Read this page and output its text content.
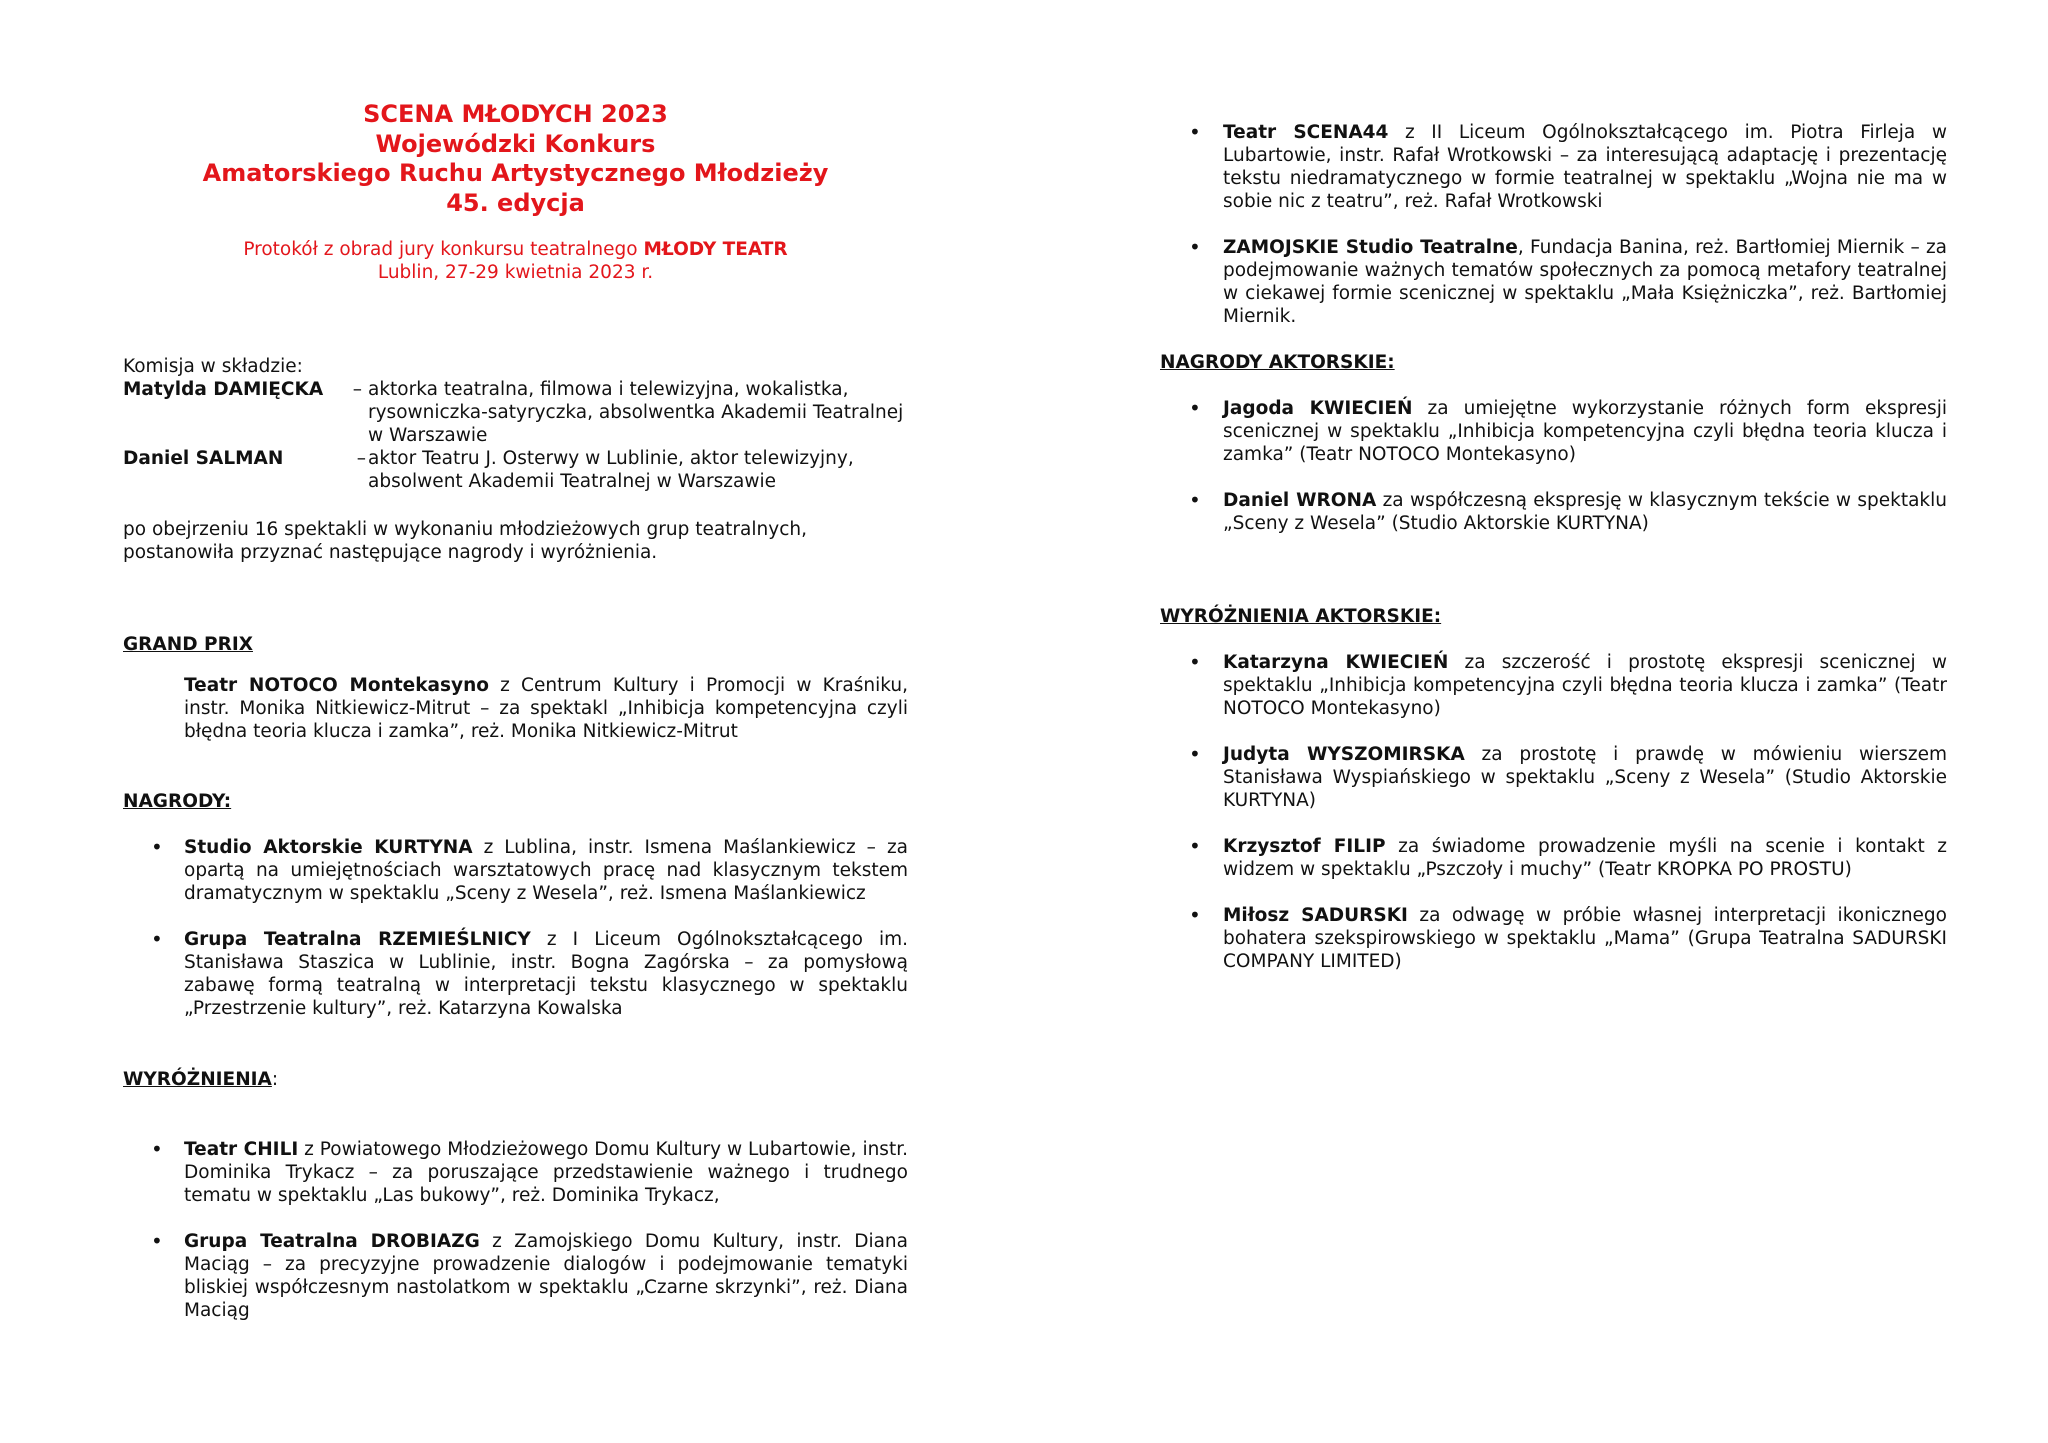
SCENA MŁODYCH 2023
Wojewódzki Konkurs
Amatorskiego Ruchu Artystycznego Młodzieży
45. edycja
Protokół z obrad jury konkursu teatralnego MŁODY TEATR
Lublin, 27-29 kwietnia 2023 r.
Komisja w składzie:
Matylda DAMIĘCKA – aktorka teatralna, filmowa i telewizyjna, wokalistka, rysowniczka-satyryczka, absolwentka Akademii Teatralnej w Warszawie
Daniel SALMAN	– aktor Teatru J. Osterwy w Lublinie, aktor telewizyjny, absolwent Akademii Teatralnej w Warszawie
po obejrzeniu 16 spektakli w wykonaniu młodzieżowych grup teatralnych, postanowiła przyznać następujące nagrody i wyróżnienia.
GRAND PRIX
Teatr NOTOCO Montekasyno z Centrum Kultury i Promocji w Kraśniku, instr. Monika Nitkiewicz-Mitrut – za spektakl „Inhibicja kompetencyjna czyli błędna teoria klucza i zamka”, reż. Monika Nitkiewicz-Mitrut
NAGRODY:
• Studio Aktorskie KURTYNA z Lublina, instr. Ismena Maślankiewicz – za opartą na umiejętnościach warsztatowych pracę nad klasycznym tekstem dramatycznym w spektaklu „Sceny z Wesela”, reż. Ismena Maślankiewicz
• Grupa Teatralna RZEMIEŚLNICY z I Liceum Ogólnokształcącego im. Stanisława Staszica w Lublinie, instr. Bogna Zagórska – za pomysłową zabawę formą teatralną w interpretacji tekstu klasycznego w spektaklu „Przestrzenie kultury”, reż. Katarzyna Kowalska
WYRÓŻNIENIA:
• Teatr CHILI z Powiatowego Młodzieżowego Domu Kultury w Lubartowie, instr. Dominika Trykacz – za poruszające przedstawienie ważnego i trudnego tematu w spektaklu „Las bukowy”, reż. Dominika Trykacz,
• Grupa Teatralna DROBIAZG z Zamojskiego Domu Kultury, instr. Diana Maciąg – za precyzyjne prowadzenie dialogów i podejmowanie tematyki bliskiej współczesnym nastolatkom w spektaklu „Czarne skrzynki”, reż. Diana Maciąg
• Teatr SCENA44 z II Liceum Ogólnokształcącego im. Piotra Firleja w Lubartowie, instr. Rafał Wrotkowski – za interesującą adaptację i prezentację tekstu niedramatycznego w formie teatralnej w spektaklu „Wojna nie ma w sobie nic z teatru”, reż. Rafał Wrotkowski
• ZAMOJSKIE Studio Teatralne, Fundacja Banina, reż. Bartłomiej Miernik – za podejmowanie ważnych tematów społecznych za pomocą metafory teatralnej w ciekawej formie scenicznej w spektaklu „Mała Księżniczka”, reż. Bartłomiej Miernik.
NAGRODY AKTORSKIE:
• Jagoda KWIECIEŃ za umiejętne wykorzystanie różnych form ekspresji scenicznej w spektaklu „Inhibicja kompetencyjna czyli błędna teoria klucza i zamka” (Teatr NOTOCO Montekasyno)
• Daniel WRONA za współczesną ekspresję w klasycznym tekście w spektaklu „Sceny z Wesela” (Studio Aktorskie KURTYNA)
WYRÓŻNIENIA AKTORSKIE:
• Katarzyna KWIECIEŃ za szczerość i prostotę ekspresji scenicznej w spektaklu „Inhibicja kompetencyjna czyli błędna teoria klucza i zamka” (Teatr NOTOCO Montekasyno)
• Judyta WYSZOMIRSKA za prostotę i prawdę w mówieniu wierszem Stanisława Wyspiańskiego w spektaklu „Sceny z Wesela” (Studio Aktorskie KURTYNA)
• Krzysztof FILIP za świadome prowadzenie myśli na scenie i kontakt z widzem w spektaklu „Pszczoły i muchy” (Teatr KROPKA PO PROSTU)
• Miłosz SADURSKI za odwagę w próbie własnej interpretacji ikonicznego bohatera szekspirowskiego w spektaklu „Mama” (Grupa Teatralna SADURSKI COMPANY LIMITED)
